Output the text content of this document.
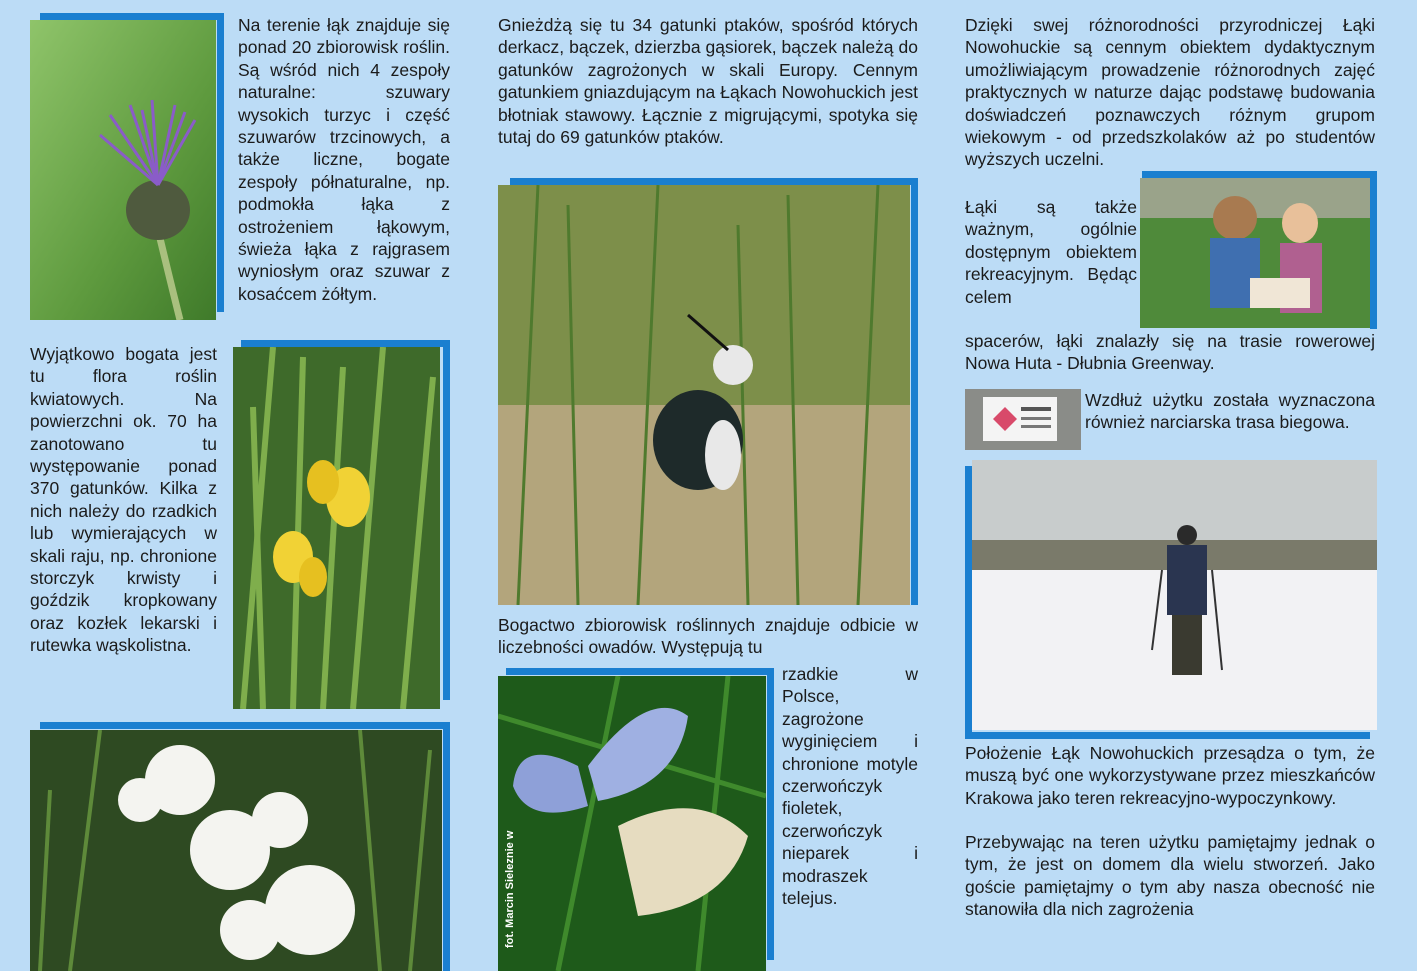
Na terenie łąk znajduje się ponad 20 zbiorowisk roślin. Są wśród nich 4 zespoły naturalne: szuwary wysokich turzyc i część szuwarów trzcinowych, a także liczne, bogate zespoły półnaturalne, np. podmokła łąka z ostrożeniem łąkowym, świeża łąka z rajgrasem wyniosłym oraz szuwar z kosaćcem żółtym.

Wyjątkowo bogata jest tu flora roślin kwiatowych. Na powierzchni ok. 70 ha zanotowano tu występowanie ponad 370 gatunków. Kilka z nich należy do rzadkich lub wymierających w skali raju, np. chronione storczyk krwisty i goździk kropkowany oraz kozłek lekarski i rutewka wąskolistna.

Gnieżdżą się tu 34 gatunki ptaków, spośród których derkacz, bączek, dzierzba gąsiorek, bączek należą do gatunków zagrożonych w skali Europy. Cennym gatunkiem gniazdującym na Łąkach Nowohuckich jest błotniak stawowy. Łącznie z migrującymi, spotyka się tutaj do 69 gatunków ptaków.

Bogactwo zbiorowisk roślinnych znajduje odbicie w liczebności owadów. Występują tu

fot. Marcin Sieleznie w

rzadkie w Polsce, zagrożone wyginięciem i chronione motyle czerwończyk fioletek, czerwończyk nieparek i modraszek telejus.

Dzięki swej różnorodności przyrodniczej Łąki Nowohuckie są cennym obiektem dydaktycznym umożliwiającym prowadzenie różnorodnych zajęć praktycznych w naturze dając podstawę budowania doświadczeń poznawczych różnym grupom wiekowym - od przedszkolaków aż po studentów wyższych uczelni.

Łąki są także ważnym, ogólnie dostępnym obiektem rekreacyjnym. Będąc celem

spacerów, łąki znalazły się na trasie rowerowej Nowa Huta - Dłubnia Greenway.

Wzdłuż użytku została wyznaczona również narciarska trasa biegowa.

Położenie Łąk Nowohuckich przesądza o tym, że muszą być one wykorzystywane przez mieszkańców Krakowa jako teren rekreacyjno-wypoczynkowy.

Przebywając na teren użytku pamiętajmy jednak o tym, że jest on domem dla wielu stworzeń. Jako goście pamiętajmy o tym aby nasza obecność nie stanowiła dla nich zagrożenia
